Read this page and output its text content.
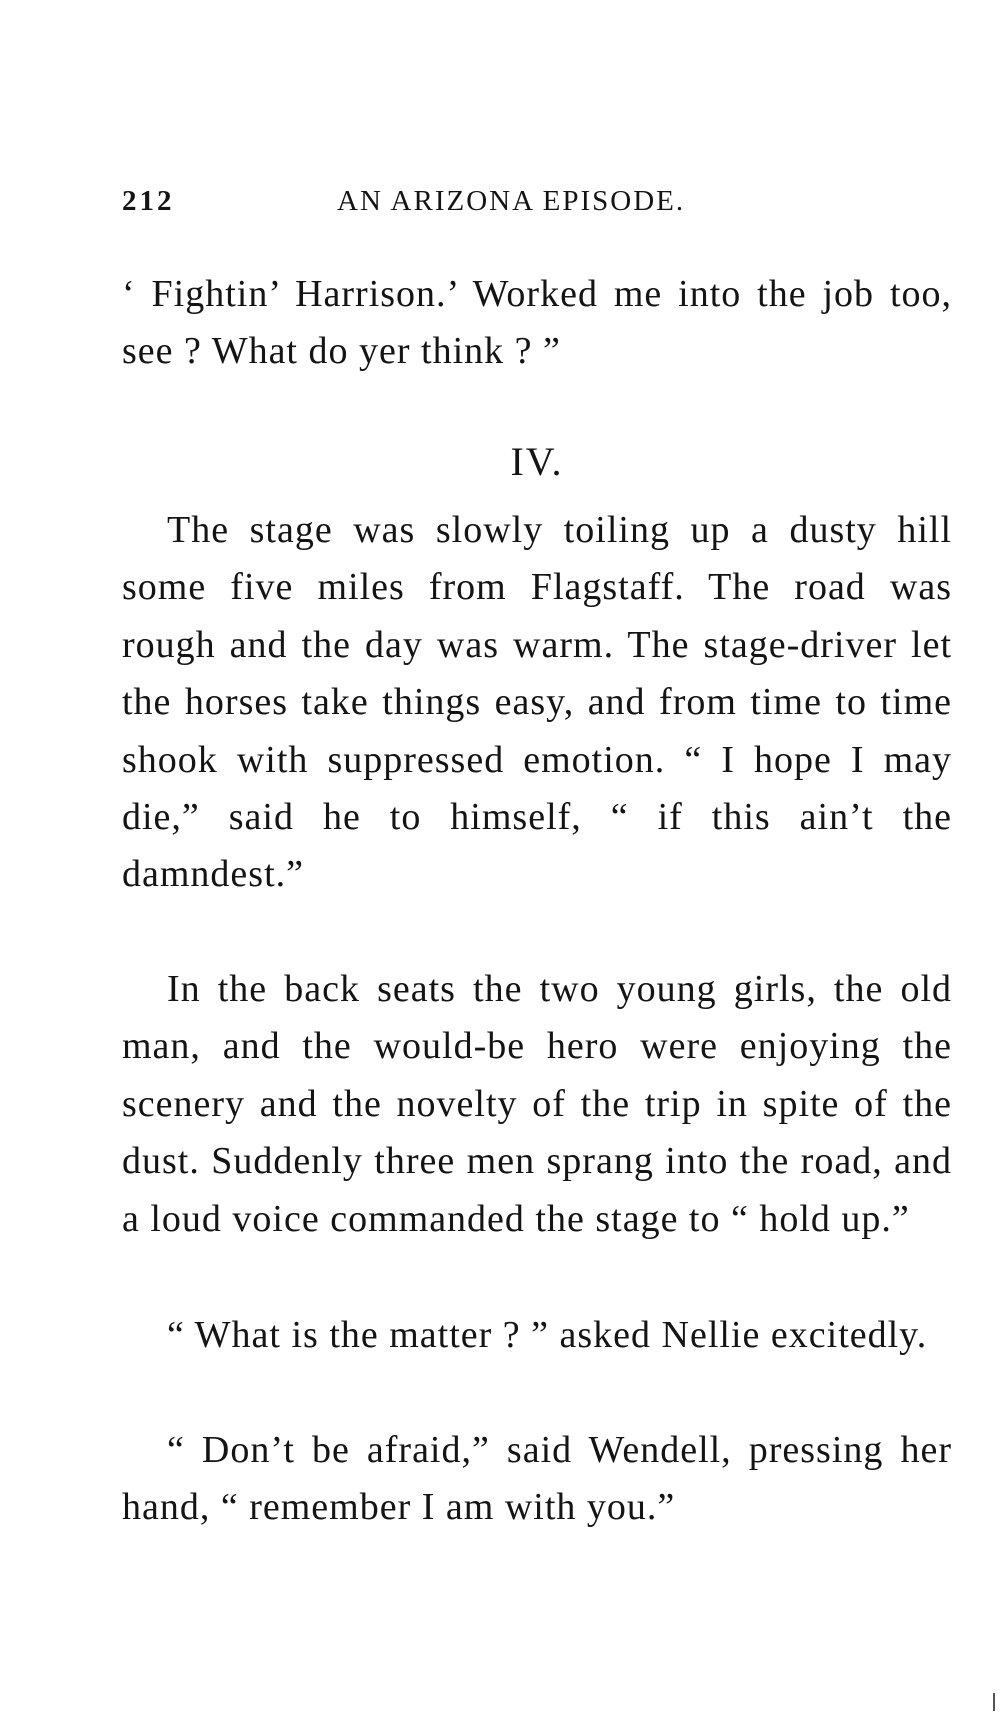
212	AN ARIZONA EPISODE.

‘ Fightin’ Harrison.’ Worked me into the job too, see ? What do yer think ? ”

IV.

The stage was slowly toiling up a dusty hill some five miles from Flagstaff. The road was rough and the day was warm. The stage-driver let the horses take things easy, and from time to time shook with suppressed emotion. “ I hope I may die,” said he to himself, “ if this ain’t the damndest.”

In the back seats the two young girls, the old man, and the would-be hero were enjoying the scenery and the novelty of the trip in spite of the dust. Suddenly three men sprang into the road, and a loud voice commanded the stage to “ hold up.”

“ What is the matter ? ” asked Nellie excitedly.

“ Don’t be afraid,” said Wendell, pressing her hand, “ remember I am with you.”
